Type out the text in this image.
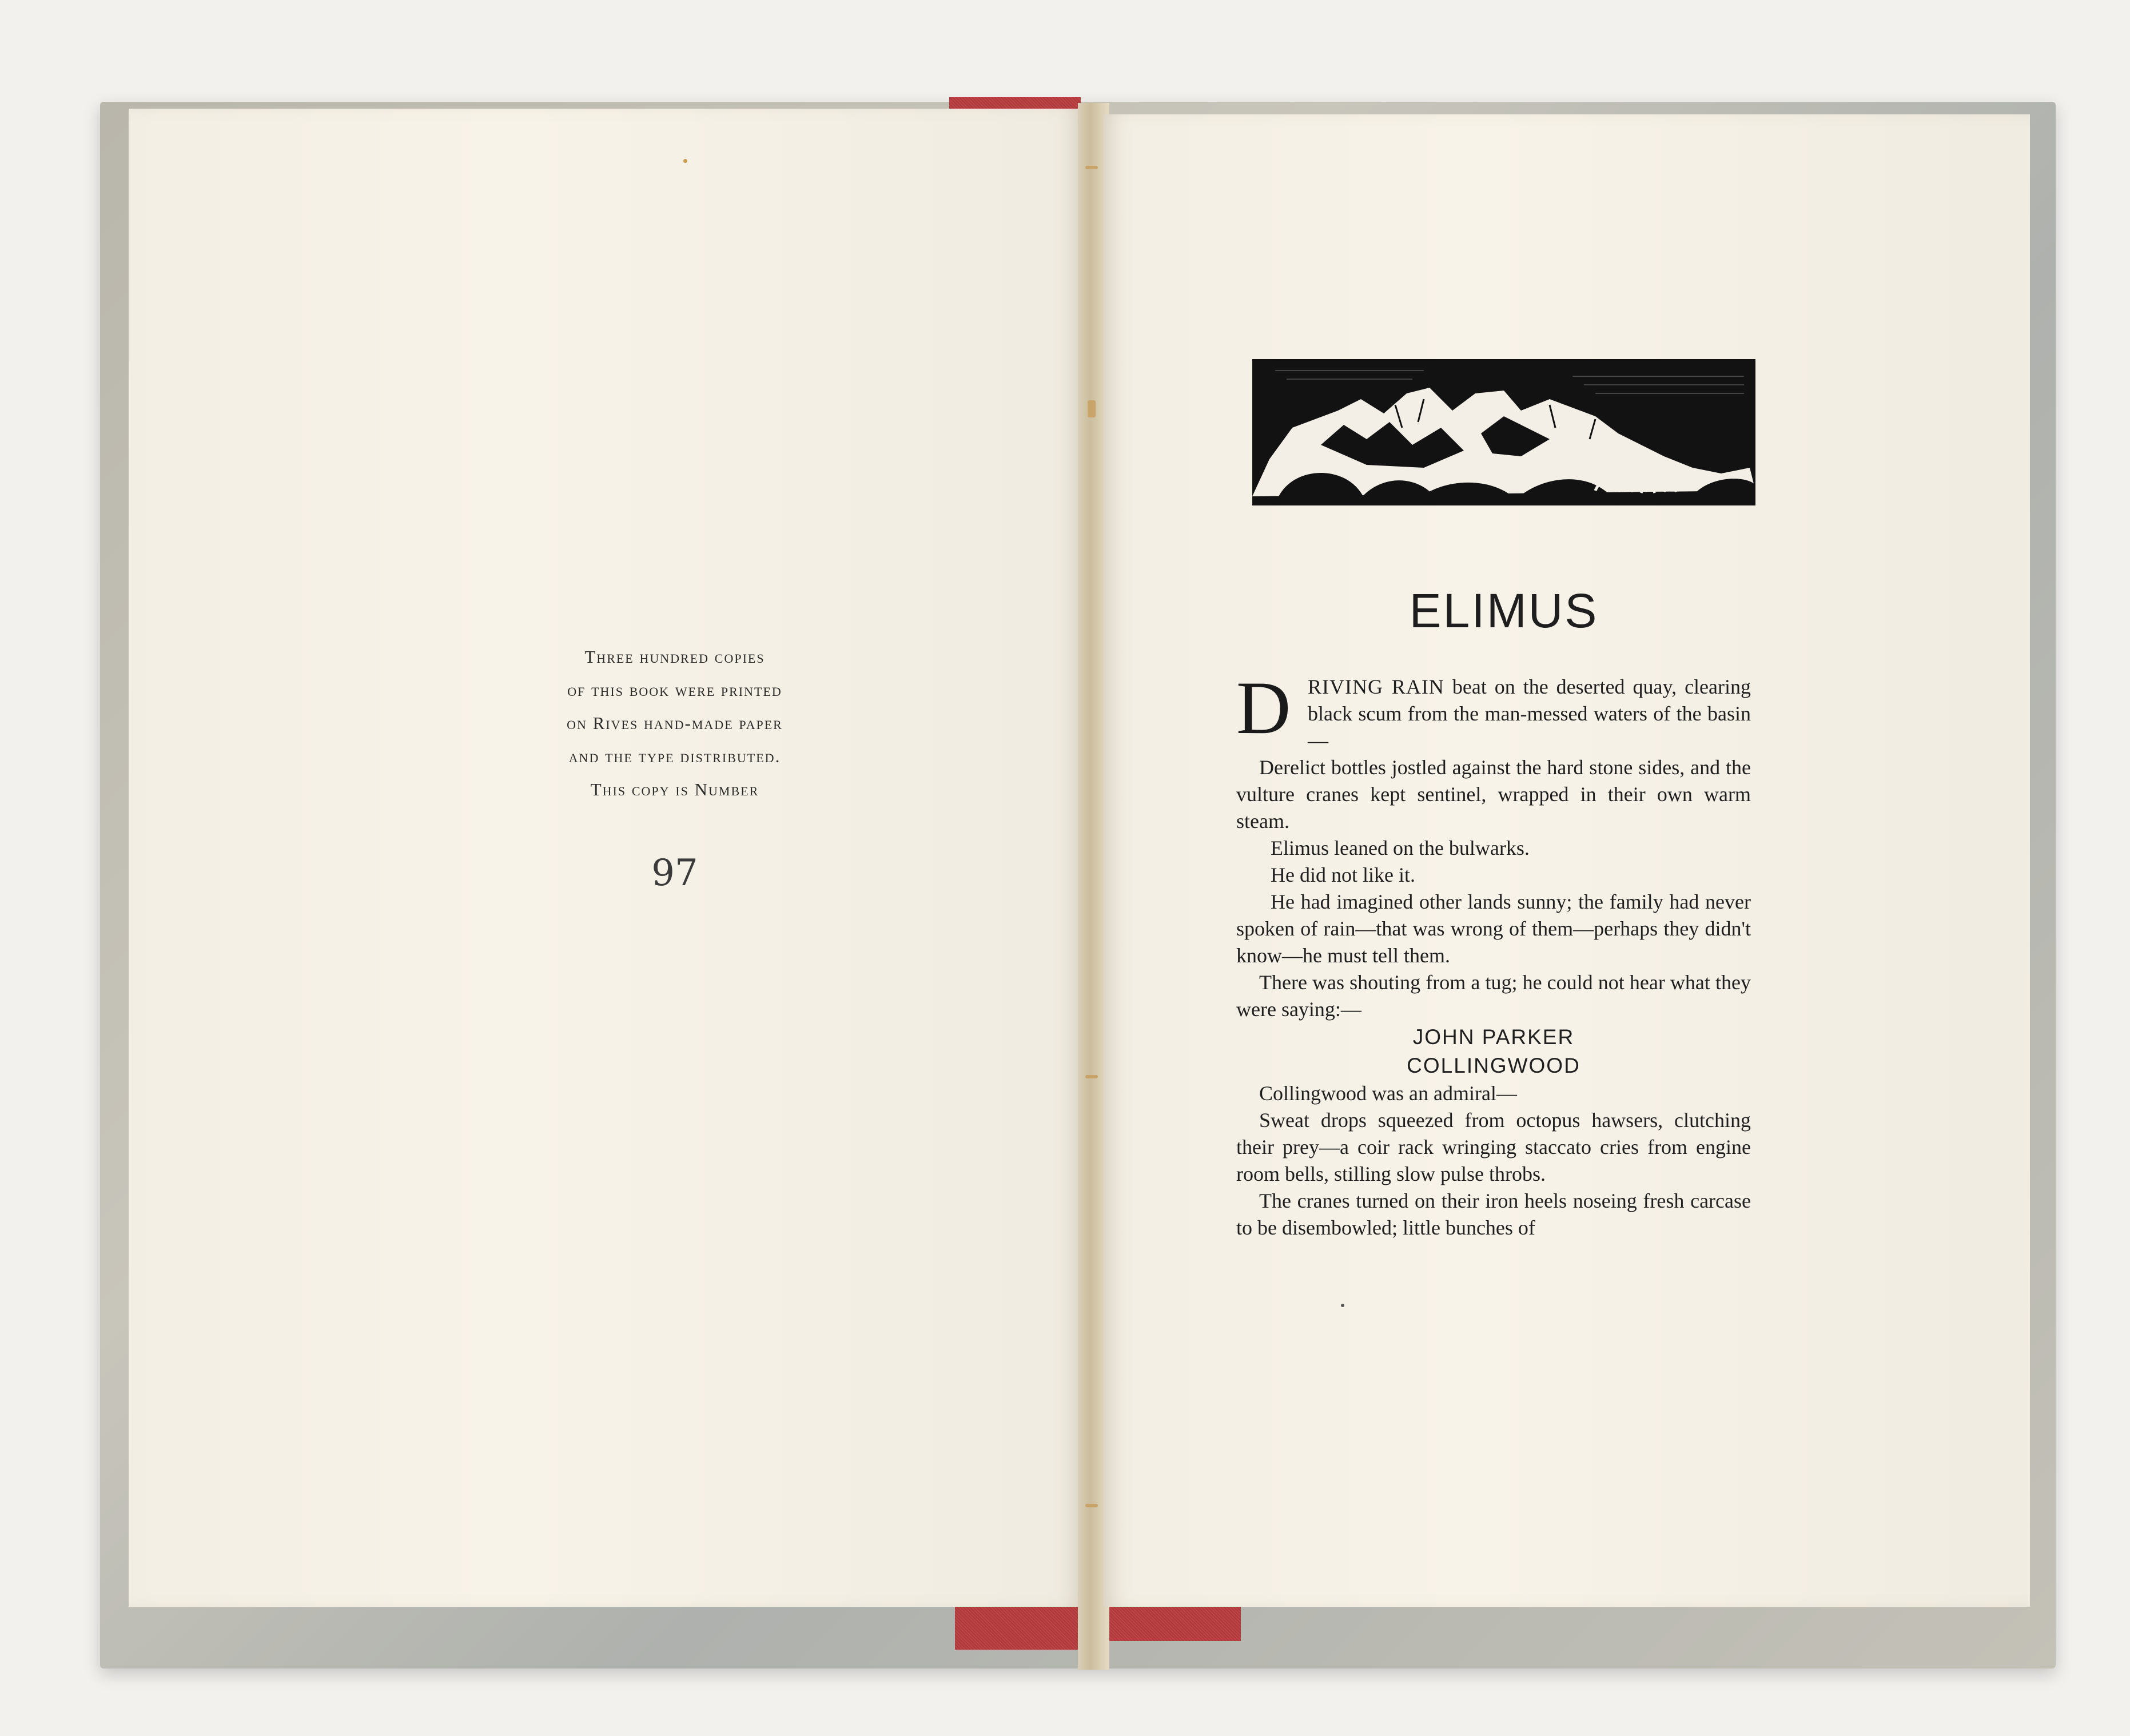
Three hundred copies
of this book were printed
on Rives hand-made paper
and the type distributed.
This copy is Number
97
ELIMUS

D RIVING RAIN beat on the deserted quay, clearing black scum from the man-messed waters of the basin—

Derelict bottles jostled against the hard stone sides, and the vulture cranes kept sentinel, wrapped in their own warm steam.

Elimus leaned on the bulwarks.

He did not like it.

He had imagined other lands sunny; the family had never spoken of rain—that was wrong of them—perhaps they didn't know—he must tell them.

There was shouting from a tug; he could not hear what they were saying:—

JOHN PARKER
COLLINGWOOD

Collingwood was an admiral—

Sweat drops squeezed from octopus hawsers, clutching their prey—a coir rack wringing staccato cries from engine room bells, stilling slow pulse throbs.

The cranes turned on their iron heels noseing fresh carcase to be disembowled; little bunches of
